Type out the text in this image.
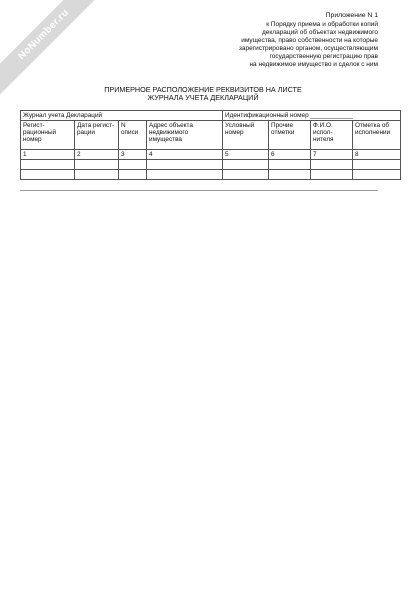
NoNumber.ru	Приложение N 1
к Порядку приема и обработки копий
деклараций об объектах недвижимого
имущества, право собственности на которые
зарегистрировано органом, осуществляющим
государственную регистрацию прав
на недвижимое имущество и сделок с ним
ПРИМЕРНОЕ РАСПОЛОЖЕНИЕ РЕКВИЗИТОВ НА ЛИСТЕ
ЖУРНАЛА УЧЕТА ДЕКЛАРАЦИЙ
Журнал учета Деклараций				Идентификационный номер ____________			
Регист-рационный номер	Дата регист-рации	N описи	Адрес объекта недвижимого имущества	Условный номер	Прочие отметки	Ф.И.О. испол-нителя	Отметка об исполнении
1	2	3	4	5	6	7	8
